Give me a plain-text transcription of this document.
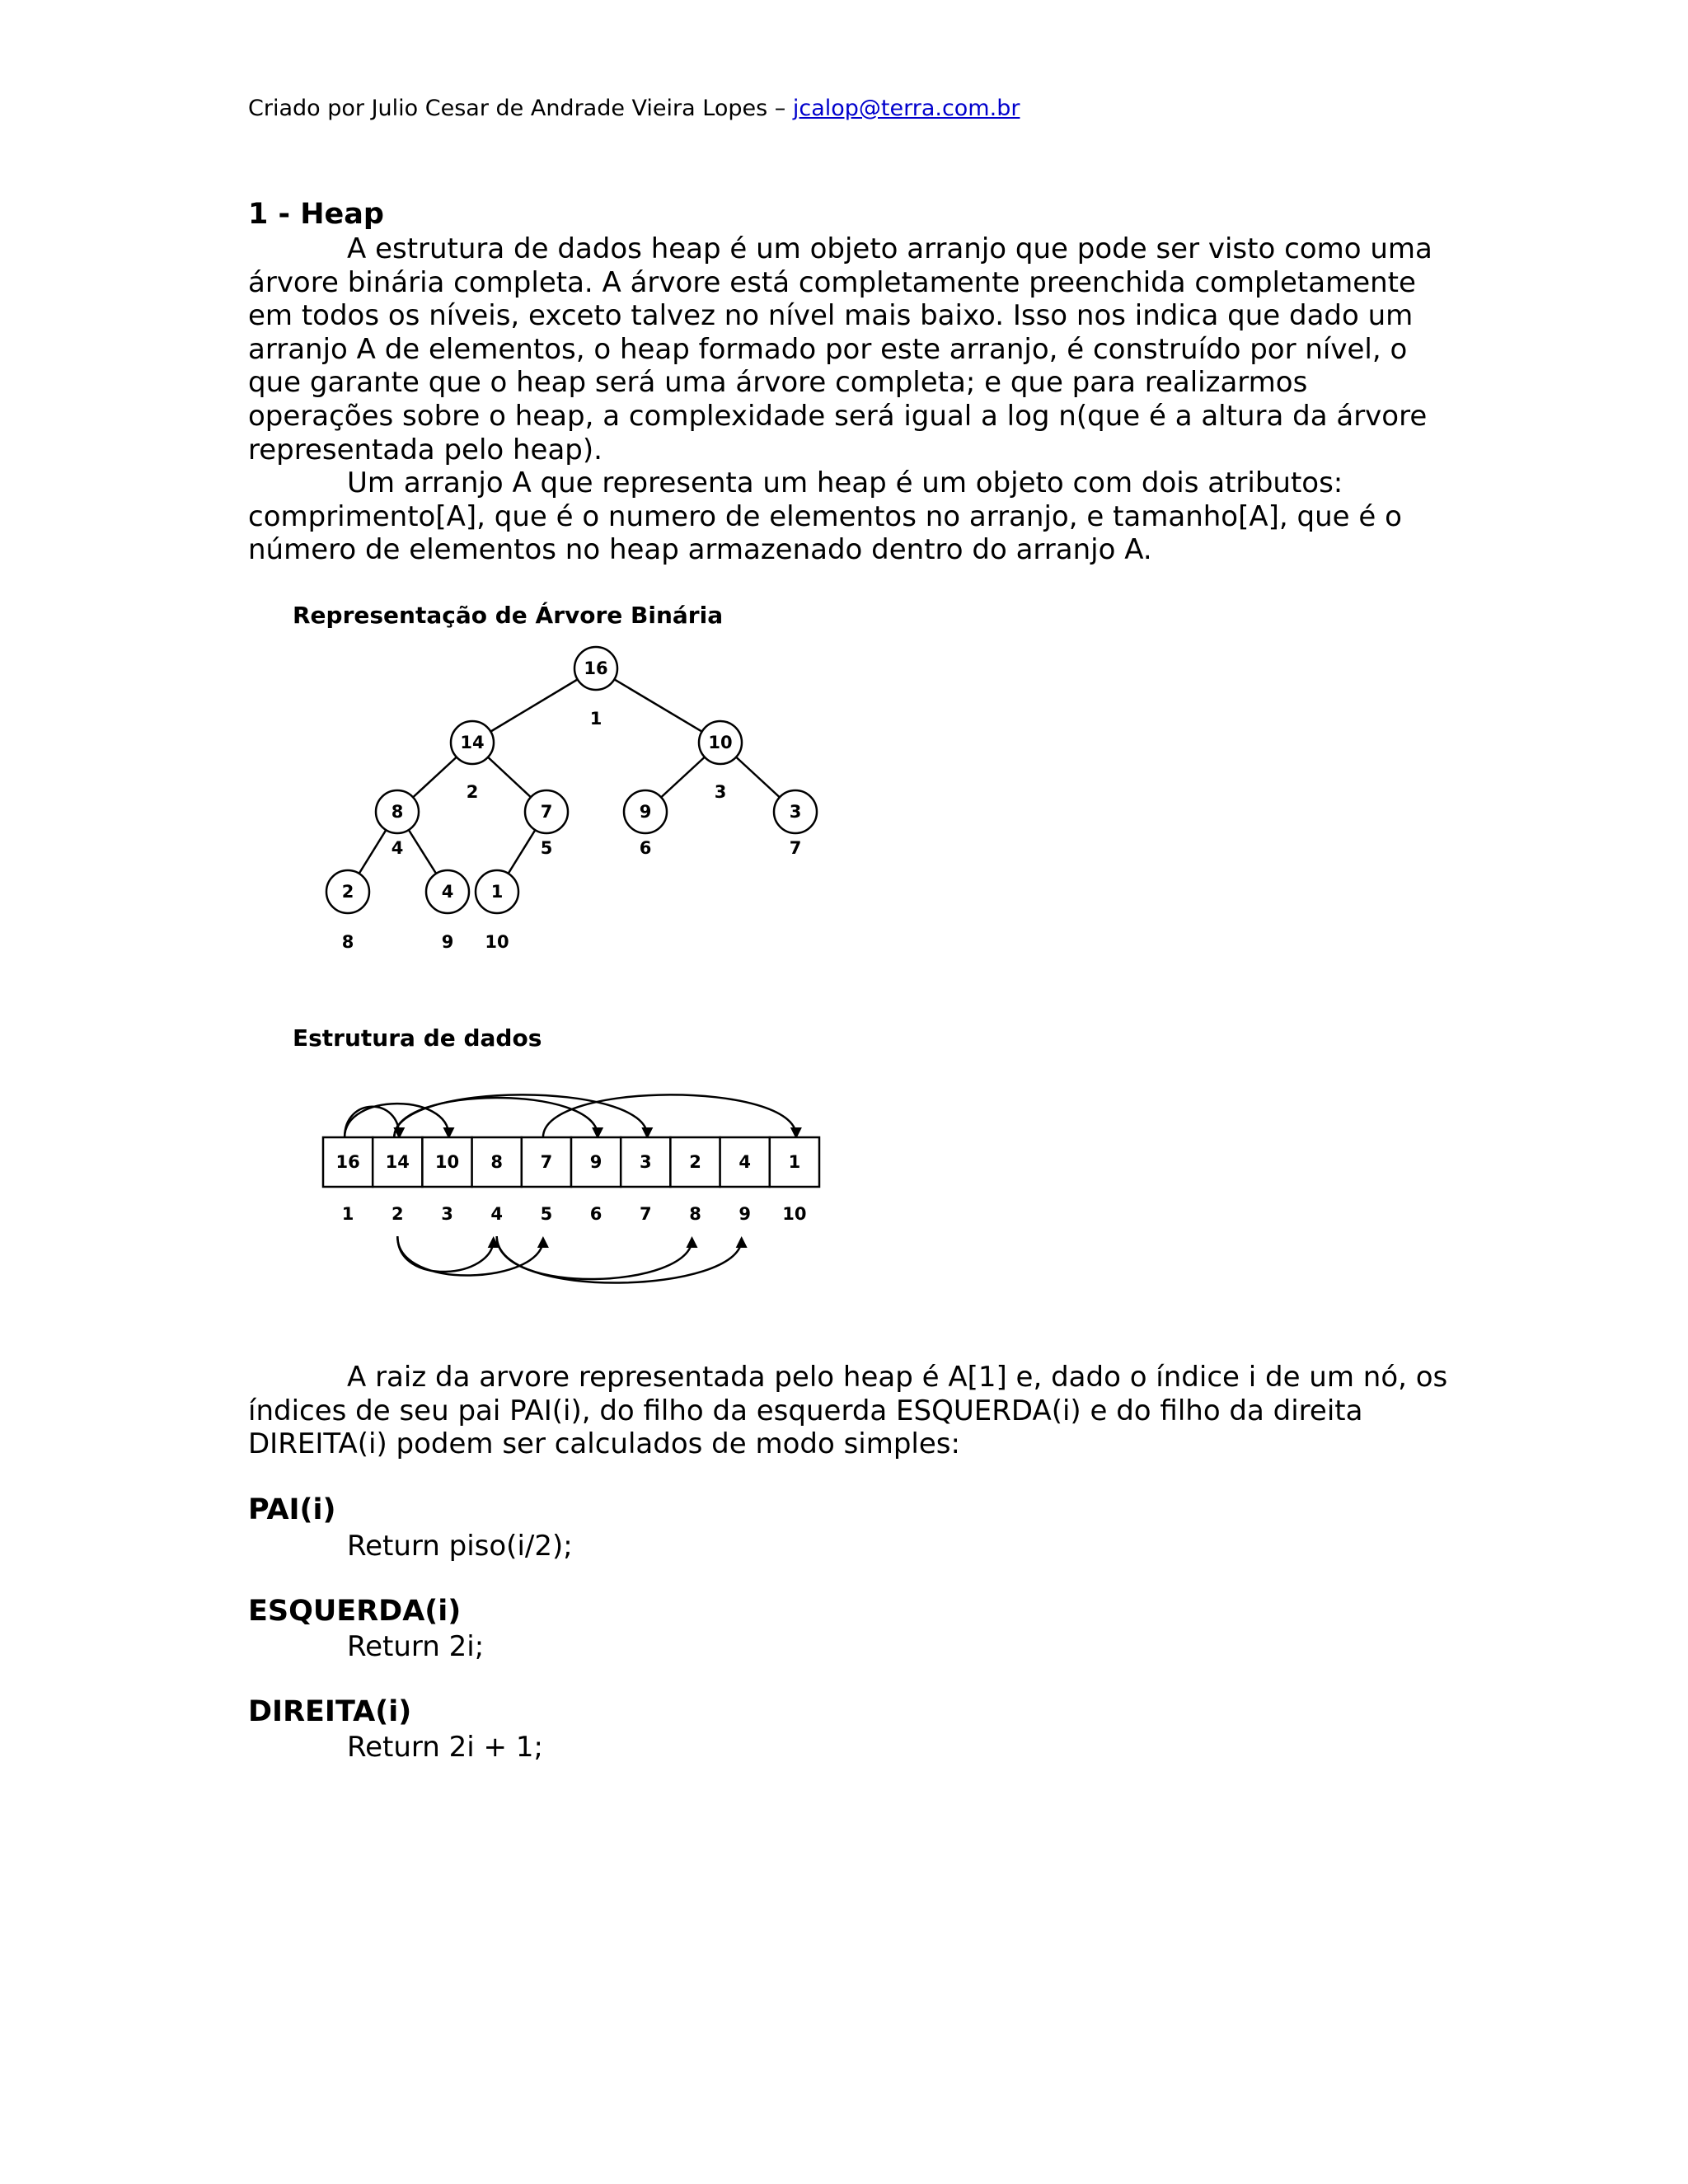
Criado por Julio Cesar de Andrade Vieira Lopes – jcalop@terra.com.br
1 - Heap

A estrutura de dados heap é um objeto arranjo que pode ser visto como uma árvore binária completa. A árvore está completamente preenchida completamente em todos os níveis, exceto talvez no nível mais baixo. Isso nos indica que dado um arranjo A de elementos, o heap formado por este arranjo, é construído por nível, o que garante que o heap será uma árvore completa; e que para realizarmos operações sobre o heap, a complexidade será igual a log n(que é a altura da árvore representada pelo heap).

Um arranjo A que representa um heap é um objeto com dois atributos: comprimento[A], que é o numero de elementos no arranjo, e tamanho[A], que é o número de elementos no heap armazenado dentro do arranjo A.

Representação de Árvore Binária
16
1
14
2
10
3
8
4
7
5
9
6
3
7
2
8
4
9
1
10
Estrutura de dados
16 14 10 8 7 9 3 2 4 1
1 2 3 4 5 6 7 8 9 10

A raiz da arvore representada pelo heap é A[1] e, dado o índice i de um nó, os índices de seu pai PAI(i), do filho da esquerda ESQUERDA(i) e do filho da direita DIREITA(i) podem ser calculados de modo simples:

PAI(i)
Return piso(i/2);
ESQUERDA(i)
Return 2i;
DIREITA(i)
Return 2i + 1;
